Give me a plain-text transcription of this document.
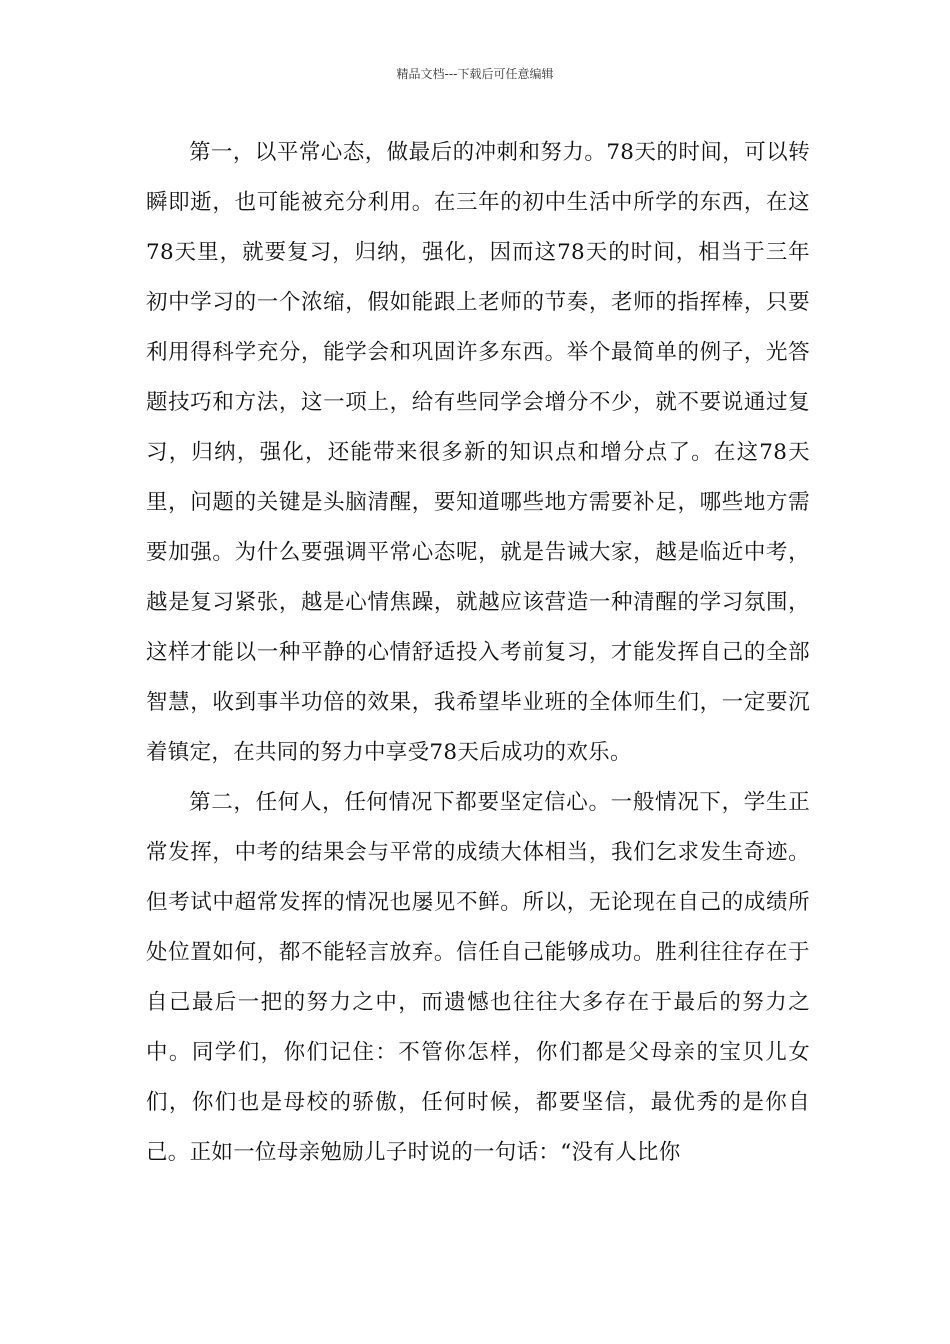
精品文档---下载后可任意编辑

第一，以平常心态，做最后的冲刺和努力。78天的时间，可以转瞬即逝，也可能被充分利用。在三年的初中生活中所学的东西，在这78天里，就要复习，归纳，强化，因而这78天的时间，相当于三年初中学习的一个浓缩，假如能跟上老师的节奏，老师的指挥棒，只要利用得科学充分，能学会和巩固许多东西。举个最简单的例子，光答题技巧和方法，这一项上，给有些同学会增分不少，就不要说通过复习，归纳，强化，还能带来很多新的知识点和增分点了。在这78天里，问题的关键是头脑清醒，要知道哪些地方需要补足，哪些地方需要加强。为什么要强调平常心态呢，就是告诫大家，越是临近中考，越是复习紧张，越是心情焦躁，就越应该营造一种清醒的学习氛围，这样才能以一种平静的心情舒适投入考前复习，才能发挥自己的全部智慧，收到事半功倍的效果，我希望毕业班的全体师生们，一定要沉着镇定，在共同的努力中享受78天后成功的欢乐。

第二，任何人，任何情况下都要坚定信心。一般情况下，学生正常发挥，中考的结果会与平常的成绩大体相当，我们乞求发生奇迹。但考试中超常发挥的情况也屡见不鲜。所以，无论现在自己的成绩所处位置如何，都不能轻言放弃。信任自己能够成功。胜利往往存在于自己最后一把的努力之中，而遗憾也往往大多存在于最后的努力之中。同学们，你们记住：不管你怎样，你们都是父母亲的宝贝儿女们，你们也是母校的骄傲，任何时候，都要坚信，最优秀的是你自己。正如一位母亲勉励儿子时说的一句话：“没有人比你
